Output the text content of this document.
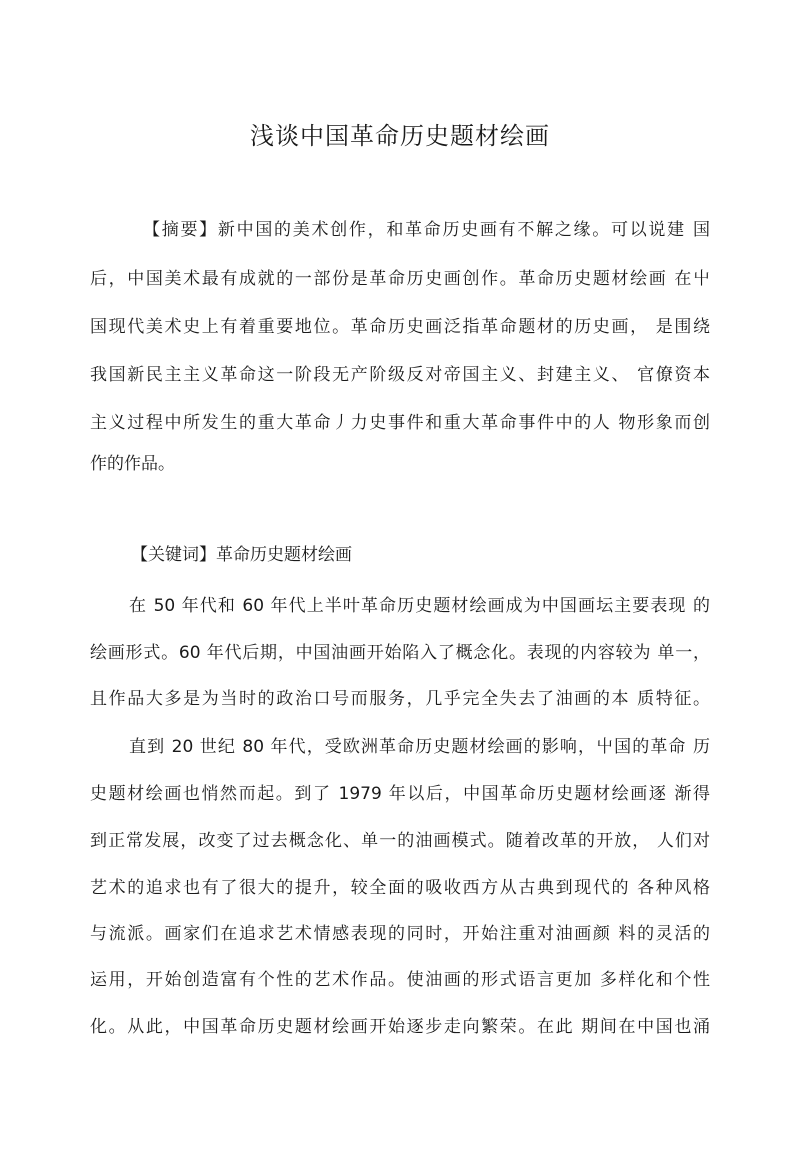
浅谈中国革命历史题材绘画
【摘要】新中国的美术创作，和革命历史画有不解之缘。可以说建 国
后，中国美术最有成就的一部份是革命历史画创作。革命历史题材绘画 在屮
国现代美术史上有着重要地位。革命历史画泛指革命题材的历史画， 是围绕
我国新民主主义革命这一阶段无产阶级反对帝国主义、封建主义、 官僚资本
主义过程中所发生的重大革命丿力史事件和重大革命事件中的人 物形象而创
作的作品。
【关键词】革命历史题材绘画
在 50 年代和 60 年代上半叶革命历史题材绘画成为中国画坛主要表现 的
绘画形式。60 年代后期，中国油画开始陷入了概念化。表现的内容较为 单一，
且作品大多是为当时的政治口号而服务，几乎完全失去了油画的本 质特征。
直到 20 世纪 80 年代，受欧洲革命历史题材绘画的影响，屮国的革命 历
史题材绘画也悄然而起。到了 1979 年以后，中国革命历史题材绘画逐 渐得
到正常发展，改变了过去概念化、单一的油画模式。随着改革的开放， 人们对
艺术的追求也有了很大的提升，较全面的吸收西方从古典到现代的 各种风格
与流派。画家们在追求艺术情感表现的同时，开始注重对油画颜 料的灵活的
运用，开始创造富有个性的艺术作品。使油画的形式语言更加 多样化和个性
化。从此，中国革命历史题材绘画开始逐步走向繁荣。在此 期间在中国也涌
